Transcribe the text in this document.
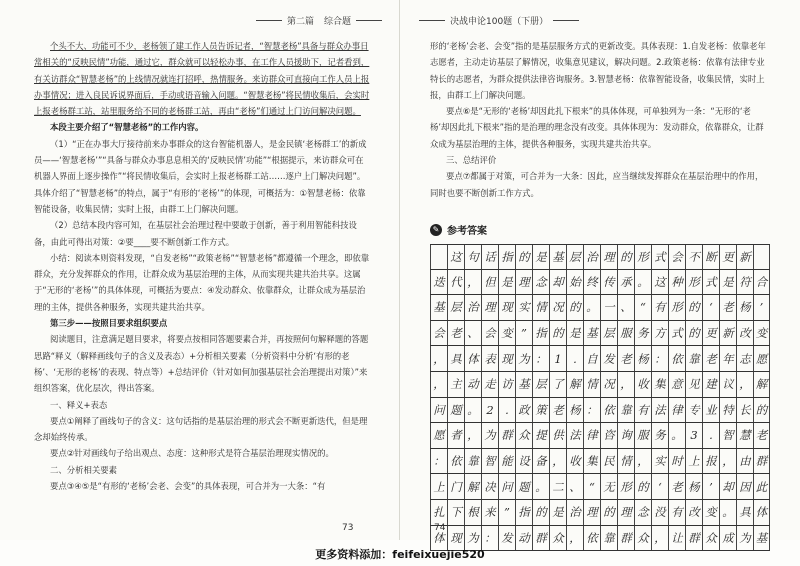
第二篇 综合题

个头不大、功能可不少，老杨领了建工作人员告诉记者，“智慧老杨”具备与群众办事日常相关的“反映民情”功能，通过它，群众就可以轻松办事，在工作人员援助下，记者看到，有关访群众“智慧老杨”的上线情况就连打招呼，热情服务。来访群众可直接向工作人员上报办事情况；进入良民诉说界面后，手动或语音输入问题。“智慧老杨”将民情收集后，会实时上报老杨群工站，站里服务给不同的老杨群工站，再由“老杨”们通过上门访问解决问题。

本段主要介绍了“智慧老杨”的工作内容。

（1）“正在办事大厅接待前来办事群众的这台智能机器人，是金民镇‘老杨群工’的新成员——‘智慧老杨’”“具备与群众办事息息相关的‘反映民情’功能”“根据提示，来访群众可在机器人界面上逐步操作”“将民情收集后，会实时上报老杨群工站……逐户上门解决问题”。具体介绍了“智慧老杨”的特点，属于“有形的‘老杨’”的体现，可概括为：①智慧老杨：依靠智能设备，收集民情；实时上报，由群工上门解决问题。

（2）总结本段内容可知，在基层社会治理过程中要敢于创新，善于利用智能科技设备，由此可得出对策：②要____要不断创新工作方式。

小结：阅读本则资料发现，“自发老杨”“政策老杨”“智慧老杨”都遵循一个理念，即依靠群众，充分发挥群众的作用，让群众成为基层治理的主体，从而实现共建共治共享。这属于“无形的‘老杨’”的具体体现，可概括为要点：④发动群众、依靠群众，让群众成为基层治理的主体，提供各种服务，实现共建共治共享。

第三步——按照目要求组织要点

阅读题目，注意满足题目要求，将要点按相同答题要素合并，再按照何句解释题的答题思路“释义（解释画线句子的含义及表态）+分析相关要素（分析资料中分析‘有形的老杨’、‘无形的老杨’的表现、特点等）+总结评价（针对如何加强基层社会治理提出对策）”来组织答案，优化层次，得出答案。

一、释义+表态

要点①阐释了画线句子的含义：这句话指的是基层治理的形式会不断更新迭代，但是理念却始终传承。

要点②针对画线句子给出观点、态度：这种形式是符合基层治理现实情况的。

二、分析相关要素

要点③④⑤是“有形的‘老杨’会老、会变”的具体表现，可合并为一大条：“有

73
决战申论100题（下册）

形的‘老杨’会老、会变”指的是基层服务方式的更新改变。具体表现：1.自发老杨：依靠老年志愿者，主动走访基层了解情况，收集意见建议，解决问题。2.政策老杨：依靠有法律专业特长的志愿者，为群众提供法律咨询服务。3.智慧老杨：依靠智能设备，收集民情，实时上报，由群工上门解决问题。

要点⑥是“无形的‘老杨’却因此扎下根来”的具体体现，可单独列为一条：“无形的‘老杨’却因此扎下根来”指的是治理的理念没有改变。具体体现为：发动群众，依靠群众，让群众成为基层治理的主体，提供各种服务，实现共建共治共享。

三、总结评价

要点⑦都属于对策，可合并为一大条：因此，应当继续发挥群众在基层治理中的作用，同时也要不断创新工作方式。

✎ 参考答案

这 句 话 指 的 是 基 层 治 理 的 形 式 会 不 断 更 新
迭 代 ， 但 是 理 念 却 始 终 传 承 。 这 种 形 式 是 符 合
基 层 治 理 现 实 情 况 的 。 一 、 “ 有 形 的 ‘ 老 杨 ’
会 老 、 会 变 ” 指 的 是 基 层 服 务 方 式 的 更 新 改 变
， 具 体 表 现 为 ： 1	. 自 发 老 杨 ： 依 靠 老 年 志 愿
， 主 动 走 访 基 层 了 解 情 况 ， 收 集 意 见 建 议 ， 解
问 题 。 2	. 政 策 老 杨 ： 依 靠 有 法 律 专 业 特 长 的
愿 者 ， 为 群 众 提 供 法 律 咨 询 服 务 。 3	. 智 慧 老
： 依 靠 智 能 设 备 ， 收 集 民 情 ， 实 时 上 报 ， 由 群
上 门 解 决 问 题 。 二 、 “ 无 形 的 ‘ 老 杨 ’ 却 因 此
扎 下 根 来 ” 指 的 是 治 理 的 理 念 没 有 改 变 。 具 体
体 现 为 ： 发 动 群 众 ， 依 靠 群 众 ， 让 群 众 成 为 基
74
更多资料添加：feifeixuejie520
